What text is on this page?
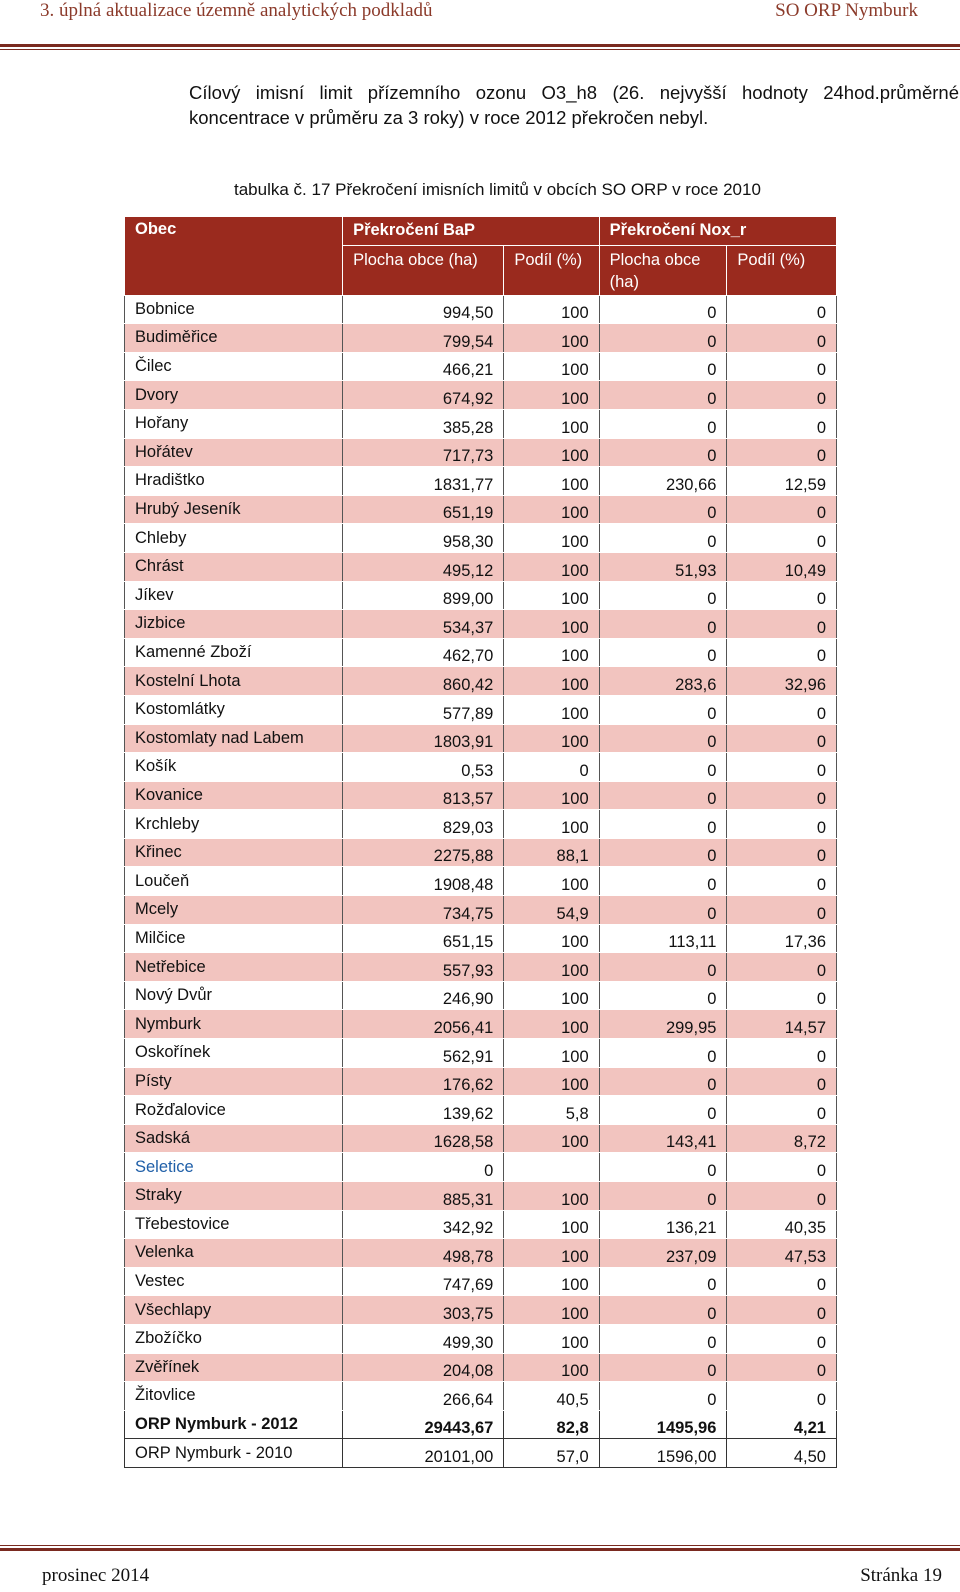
3. úplná aktualizace územně analytických podkladů	SO ORP Nymburk
Cílový imisní limit přízemního ozonu O3_h8 (26. nejvyšší hodnoty 24hod.průměrné koncentrace v průměru za 3 roky) v roce 2012 překročen nebyl.
tabulka č. 17 Překročení imisních limitů v obcích SO ORP v roce 2010
Obec	Překročení BaP		Překročení Nox_r	
	Plocha obce (ha)	Podíl (%)	Plocha obce (ha)	Podíl (%)
Bobnice	994,50	100	0	0
Budiměřice	799,54	100	0	0
Čilec	466,21	100	0	0
Dvory	674,92	100	0	0
Hořany	385,28	100	0	0
Hořátev	717,73	100	0	0
Hradištko	1831,77	100	230,66	12,59
Hrubý Jeseník	651,19	100	0	0
Chleby	958,30	100	0	0
Chrást	495,12	100	51,93	10,49
Jíkev	899,00	100	0	0
Jizbice	534,37	100	0	0
Kamenné Zboží	462,70	100	0	0
Kostelní Lhota	860,42	100	283,6	32,96
Kostomlátky	577,89	100	0	0
Kostomlaty nad Labem	1803,91	100	0	0
Košík	0,53	0	0	0
Kovanice	813,57	100	0	0
Krchleby	829,03	100	0	0
Křinec	2275,88	88,1	0	0
Loučeň	1908,48	100	0	0
Mcely	734,75	54,9	0	0
Milčice	651,15	100	113,11	17,36
Netřebice	557,93	100	0	0
Nový Dvůr	246,90	100	0	0
Nymburk	2056,41	100	299,95	14,57
Oskořínek	562,91	100	0	0
Písty	176,62	100	0	0
Rožďalovice	139,62	5,8	0	0
Sadská	1628,58	100	143,41	8,72
Seletice	0		0	0
Straky	885,31	100	0	0
Třebestovice	342,92	100	136,21	40,35
Velenka	498,78	100	237,09	47,53
Vestec	747,69	100	0	0
Všechlapy	303,75	100	0	0
Zbožíčko	499,30	100	0	0
Zvěřínek	204,08	100	0	0
Žitovlice	266,64	40,5	0	0
ORP Nymburk - 2012	29443,67	82,8	1495,96	4,21
ORP Nymburk - 2010	20101,00	57,0	1596,00	4,50
prosinec 2014	Stránka 19
